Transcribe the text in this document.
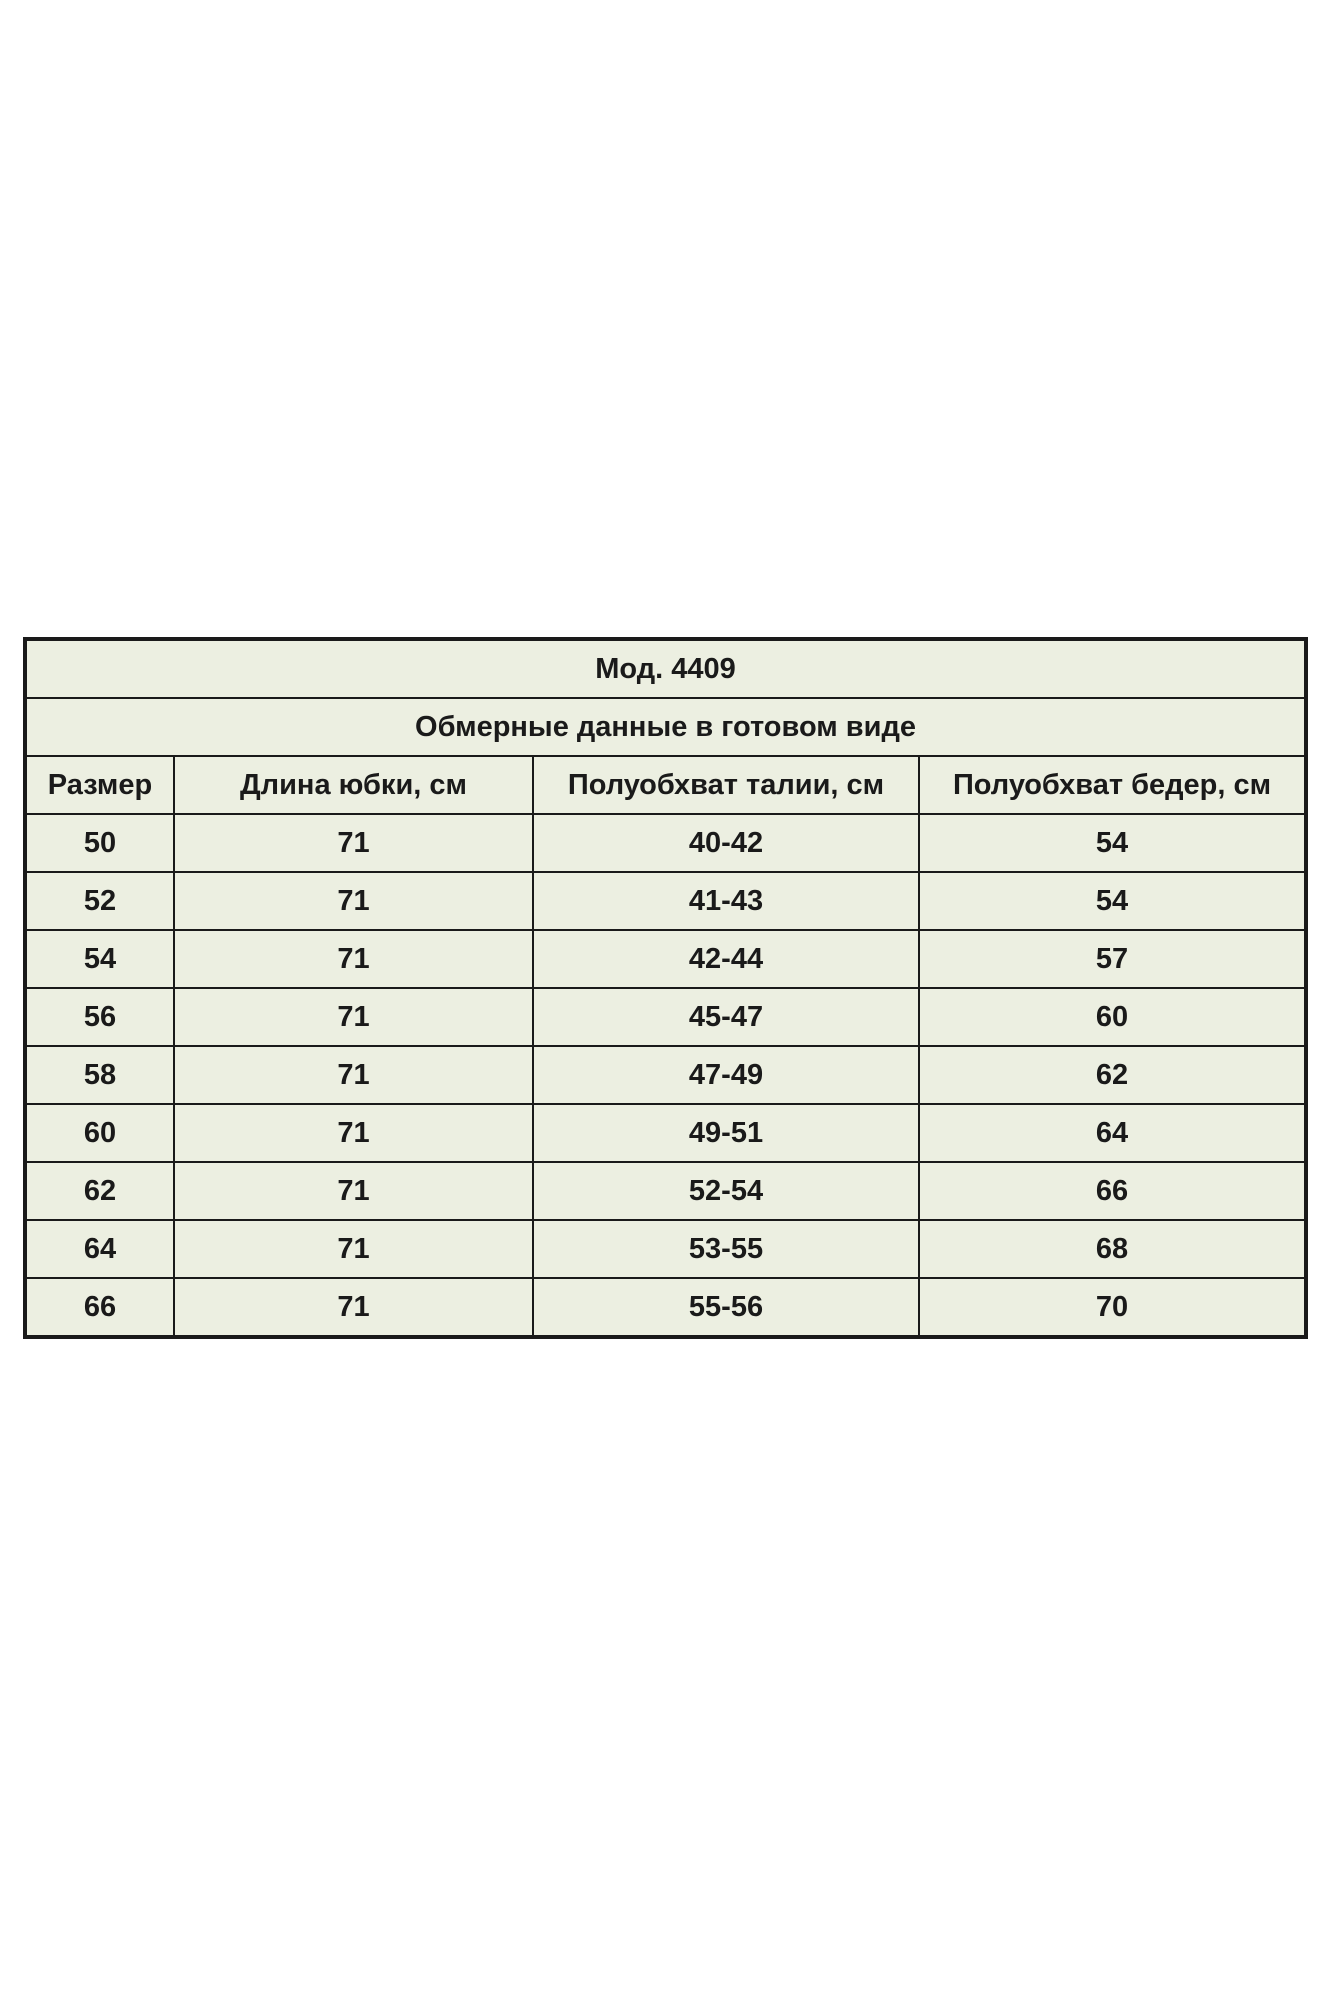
Мод. 4409			
Обмерные данные в готовом виде			
Размер	Длина юбки, см	Полуобхват талии, см	Полуобхват бедер, см
50	71	40-42	54
52	71	41-43	54
54	71	42-44	57
56	71	45-47	60
58	71	47-49	62
60	71	49-51	64
62	71	52-54	66
64	71	53-55	68
66	71	55-56	70
